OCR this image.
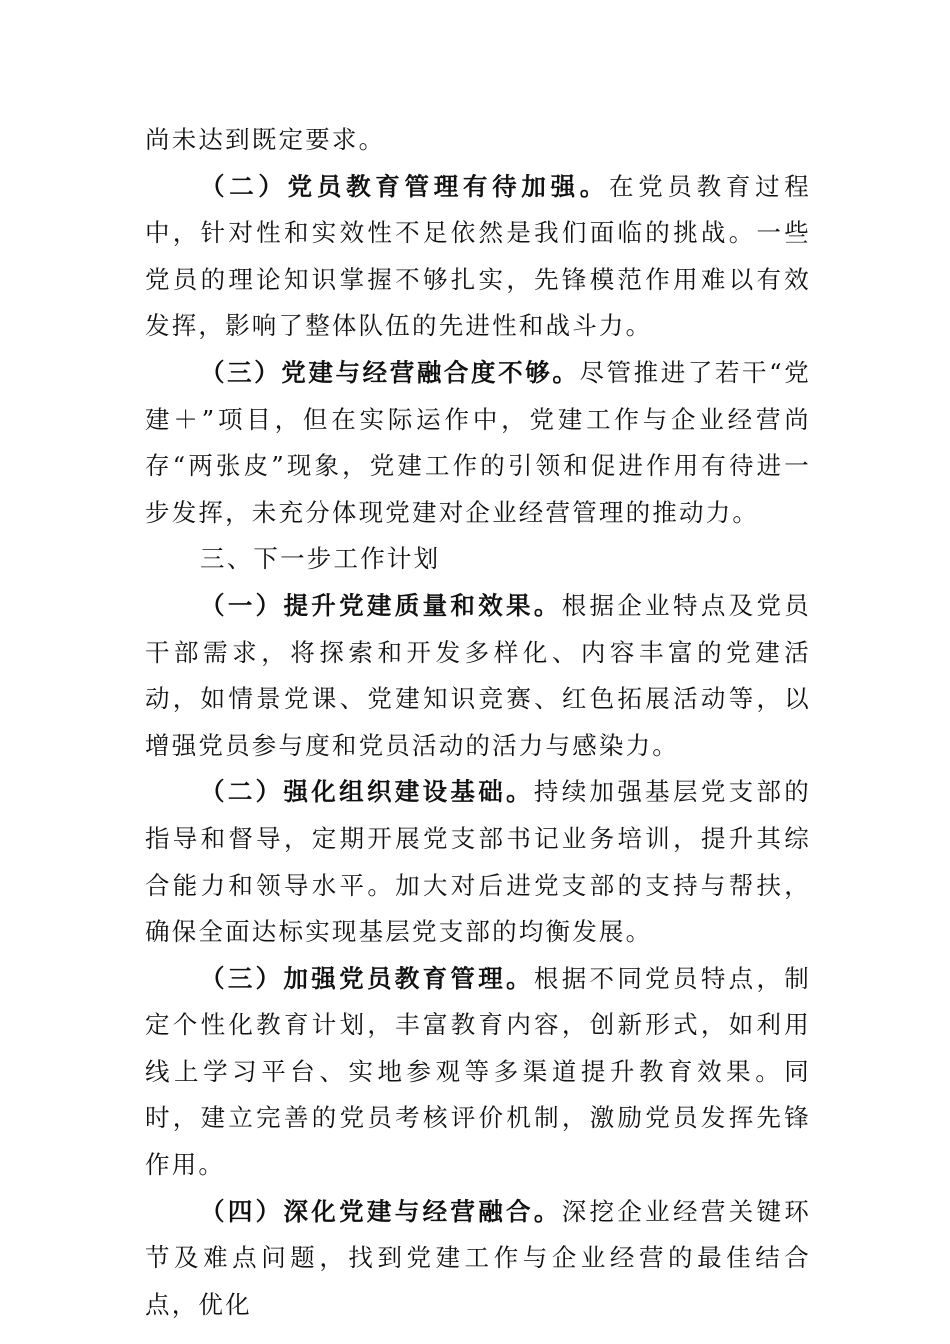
尚未达到既定要求。

（二）党员教育管理有待加强。在党员教育过程中，针对性和实效性不足依然是我们面临的挑战。一些党员的理论知识掌握不够扎实，先锋模范作用难以有效发挥，影响了整体队伍的先进性和战斗力。

（三）党建与经营融合度不够。尽管推进了若干“党建＋”项目，但在实际运作中，党建工作与企业经营尚存“两张皮”现象，党建工作的引领和促进作用有待进一步发挥，未充分体现党建对企业经营管理的推动力。

三、下一步工作计划

（一）提升党建质量和效果。根据企业特点及党员干部需求，将探索和开发多样化、内容丰富的党建活动，如情景党课、党建知识竞赛、红色拓展活动等，以增强党员参与度和党员活动的活力与感染力。

（二）强化组织建设基础。持续加强基层党支部的指导和督导，定期开展党支部书记业务培训，提升其综合能力和领导水平。加大对后进党支部的支持与帮扶，确保全面达标实现基层党支部的均衡发展。

（三）加强党员教育管理。根据不同党员特点，制定个性化教育计划，丰富教育内容，创新形式，如利用线上学习平台、实地参观等多渠道提升教育效果。同时，建立完善的党员考核评价机制，激励党员发挥先锋作用。

（四）深化党建与经营融合。深挖企业经营关键环节及难点问题，找到党建工作与企业经营的最佳结合点，优化
